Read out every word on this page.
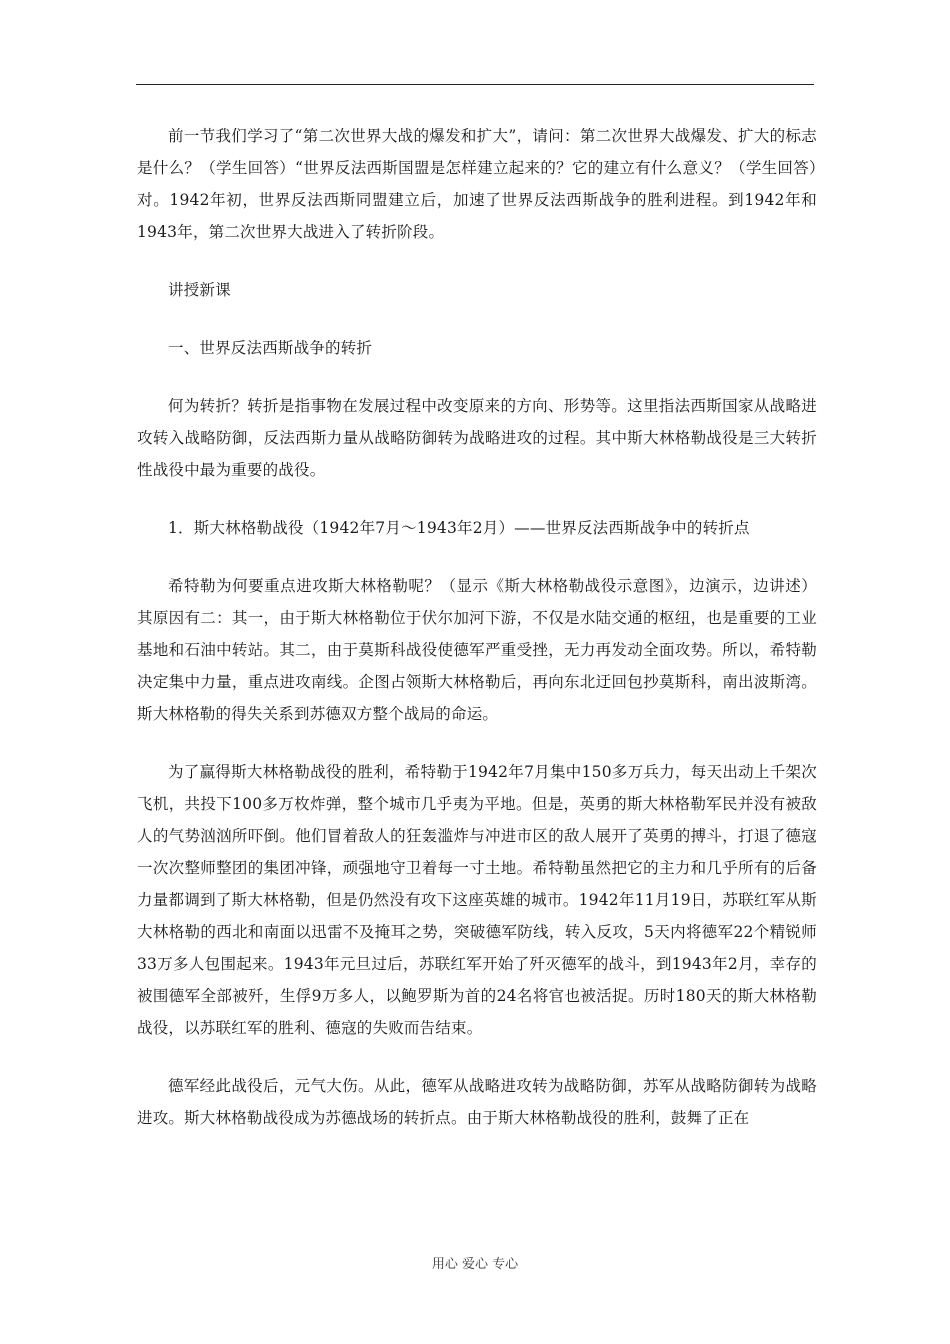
前一节我们学习了“第二次世界大战的爆发和扩大”，请问：第二次世界大战爆发、扩大的标志是什么？（学生回答）“世界反法西斯国盟是怎样建立起来的？它的建立有什么意义？（学生回答）对。1942年初，世界反法西斯同盟建立后，加速了世界反法西斯战争的胜利进程。到1942年和1943年，第二次世界大战进入了转折阶段。

讲授新课

一、世界反法西斯战争的转折

何为转折？转折是指事物在发展过程中改变原来的方向、形势等。这里指法西斯国家从战略进攻转入战略防御，反法西斯力量从战略防御转为战略进攻的过程。其中斯大林格勒战役是三大转折性战役中最为重要的战役。

1．斯大林格勒战役（1942年7月～1943年2月）——世界反法西斯战争中的转折点

希特勒为何要重点进攻斯大林格勒呢？（显示《斯大林格勒战役示意图》，边演示，边讲述）其原因有二：其一，由于斯大林格勒位于伏尔加河下游，不仅是水陆交通的枢纽，也是重要的工业基地和石油中转站。其二，由于莫斯科战役使德军严重受挫，无力再发动全面攻势。所以，希特勒决定集中力量，重点进攻南线。企图占领斯大林格勒后，再向东北迂回包抄莫斯科，南出波斯湾。斯大林格勒的得失关系到苏德双方整个战局的命运。

为了赢得斯大林格勒战役的胜利，希特勒于1942年7月集中150多万兵力，每天出动上千架次飞机，共投下100多万枚炸弹，整个城市几乎夷为平地。但是，英勇的斯大林格勒军民并没有被敌人的气势汹汹所吓倒。他们冒着敌人的狂轰滥炸与冲进市区的敌人展开了英勇的搏斗，打退了德寇一次次整师整团的集团冲锋，顽强地守卫着每一寸土地。希特勒虽然把它的主力和几乎所有的后备力量都调到了斯大林格勒，但是仍然没有攻下这座英雄的城市。1942年11月19日，苏联红军从斯大林格勒的西北和南面以迅雷不及掩耳之势，突破德军防线，转入反攻，5天内将德军22个精锐师33万多人包围起来。1943年元旦过后，苏联红军开始了歼灭德军的战斗，到1943年2月，幸存的被围德军全部被歼，生俘9万多人，以鲍罗斯为首的24名将官也被活捉。历时180天的斯大林格勒战役，以苏联红军的胜利、德寇的失败而告结束。

德军经此战役后，元气大伤。从此，德军从战略进攻转为战略防御，苏军从战略防御转为战略进攻。斯大林格勒战役成为苏德战场的转折点。由于斯大林格勒战役的胜利，鼓舞了正在

用心 爱心 专心
